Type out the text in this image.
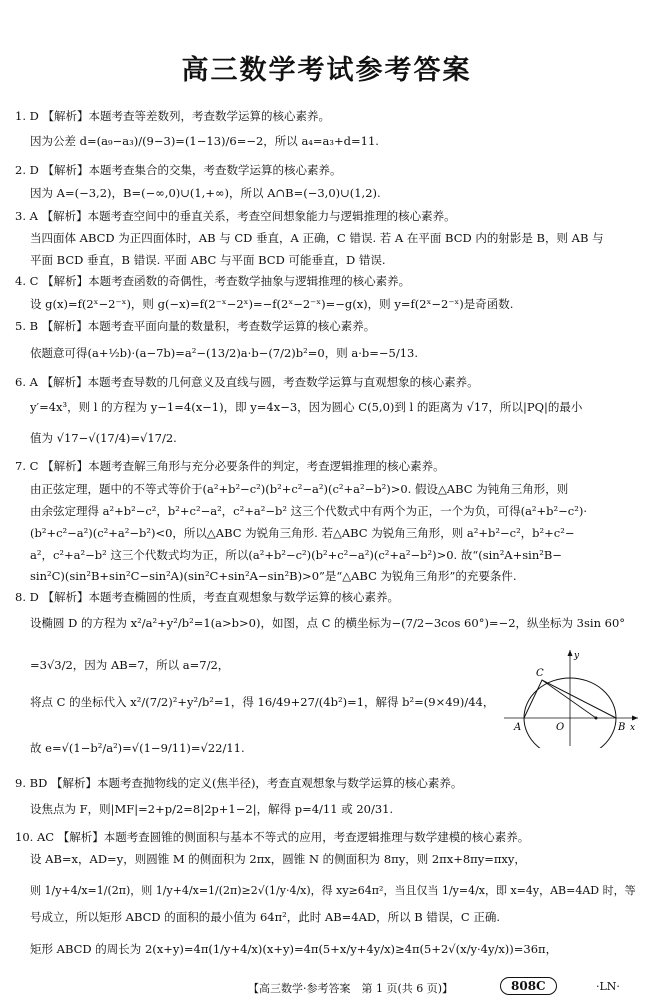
高三数学考试参考答案
1. D 【解析】本题考查等差数列，考查数学运算的核心素养。
因为公差 d=(a₉−a₃)/(9−3)=(1−13)/6=−2，所以 a₄=a₃+d=11.
2. D 【解析】本题考查集合的交集，考查数学运算的核心素养。
因为 A=(−3,2)，B=(−∞,0)∪(1,+∞)，所以 A∩B=(−3,0)∪(1,2).
3. A 【解析】本题考查空间中的垂直关系，考查空间想象能力与逻辑推理的核心素养。
当四面体 ABCD 为正四面体时，AB 与 CD 垂直，A 正确，C 错误. 若 A 在平面 BCD 内的射影是 B，则 AB 与
平面 BCD 垂直，B 错误. 平面 ABC 与平面 BCD 可能垂直，D 错误.
4. C 【解析】本题考查函数的奇偶性，考查数学抽象与逻辑推理的核心素养。
设 g(x)=f(2ˣ−2⁻ˣ)，则 g(−x)=f(2⁻ˣ−2ˣ)=−f(2ˣ−2⁻ˣ)=−g(x)，则 y=f(2ˣ−2⁻ˣ)是奇函数.
5. B 【解析】本题考查平面向量的数量积，考查数学运算的核心素养。
依题意可得(a+½b)·(a−7b)=a²−(13/2)a·b−(7/2)b²=0，则 a·b=−5/13.
6. A 【解析】本题考查导数的几何意义及直线与圆，考查数学运算与直观想象的核心素养。
y′=4x³，则 l 的方程为 y−1=4(x−1)，即 y=4x−3，因为圆心 C(5,0)到 l 的距离为 √17，所以|PQ|的最小
值为 √17−√(17/4)=√17/2.
7. C 【解析】本题考查解三角形与充分必要条件的判定，考查逻辑推理的核心素养。
由正弦定理，题中的不等式等价于(a²+b²−c²)(b²+c²−a²)(c²+a²−b²)>0. 假设△ABC 为钝角三角形，则
由余弦定理得 a²+b²−c²，b²+c²−a²，c²+a²−b² 这三个代数式中有两个为正，一个为负，可得(a²+b²−c²)·
(b²+c²−a²)(c²+a²−b²)<0，所以△ABC 为锐角三角形. 若△ABC 为锐角三角形，则 a²+b²−c²，b²+c²−
a²，c²+a²−b² 这三个代数式均为正，所以(a²+b²−c²)(b²+c²−a²)(c²+a²−b²)>0. 故“(sin²A+sin²B−
sin²C)(sin²B+sin²C−sin²A)(sin²C+sin²A−sin²B)>0”是“△ABC 为锐角三角形”的充要条件.
8. D 【解析】本题考查椭圆的性质，考查直观想象与数学运算的核心素养。
设椭圆 D 的方程为 x²/a²+y²/b²=1(a>b>0)，如图，点 C 的横坐标为−(7/2−3cos 60°)=−2，纵坐标为 3sin 60°
=3√3/2，因为 AB=7，所以 a=7/2，
将点 C 的坐标代入 x²/(7/2)²+y²/b²=1，得 16/49+27/(4b²)=1，解得 b²=(9×49)/44，
故 e=√(1−b²/a²)=√(1−9/11)=√22/11.
C
A	O	B x
y
9. BD 【解析】本题考查抛物线的定义(焦半径)，考查直观想象与数学运算的核心素养。
设焦点为 F，则|MF|=2+p/2=8|2p+1−2|，解得 p=4/11 或 20/31.
10. AC 【解析】本题考查圆锥的侧面积与基本不等式的应用，考查逻辑推理与数学建模的核心素养。
设 AB=x，AD=y，则圆锥 M 的侧面积为 2πx，圆锥 N 的侧面积为 8πy，则 2πx+8πy=πxy，
则 1/y+4/x=1/(2π)，则 1/y+4/x=1/(2π)≥2√(1/y·4/x)，得 xy≥64π²，当且仅当 1/y=4/x，即 x=4y，AB=4AD 时，等
号成立，所以矩形 ABCD 的面积的最小值为 64π²，此时 AB=4AD，所以 B 错误，C 正确.
矩形 ABCD 的周长为 2(x+y)=4π(1/y+4/x)(x+y)=4π(5+x/y+4y/x)≥4π(5+2√(x/y·4y/x))=36π，
【高三数学·参考答案　第 1 页(共 6 页)】	808C	·LN·
